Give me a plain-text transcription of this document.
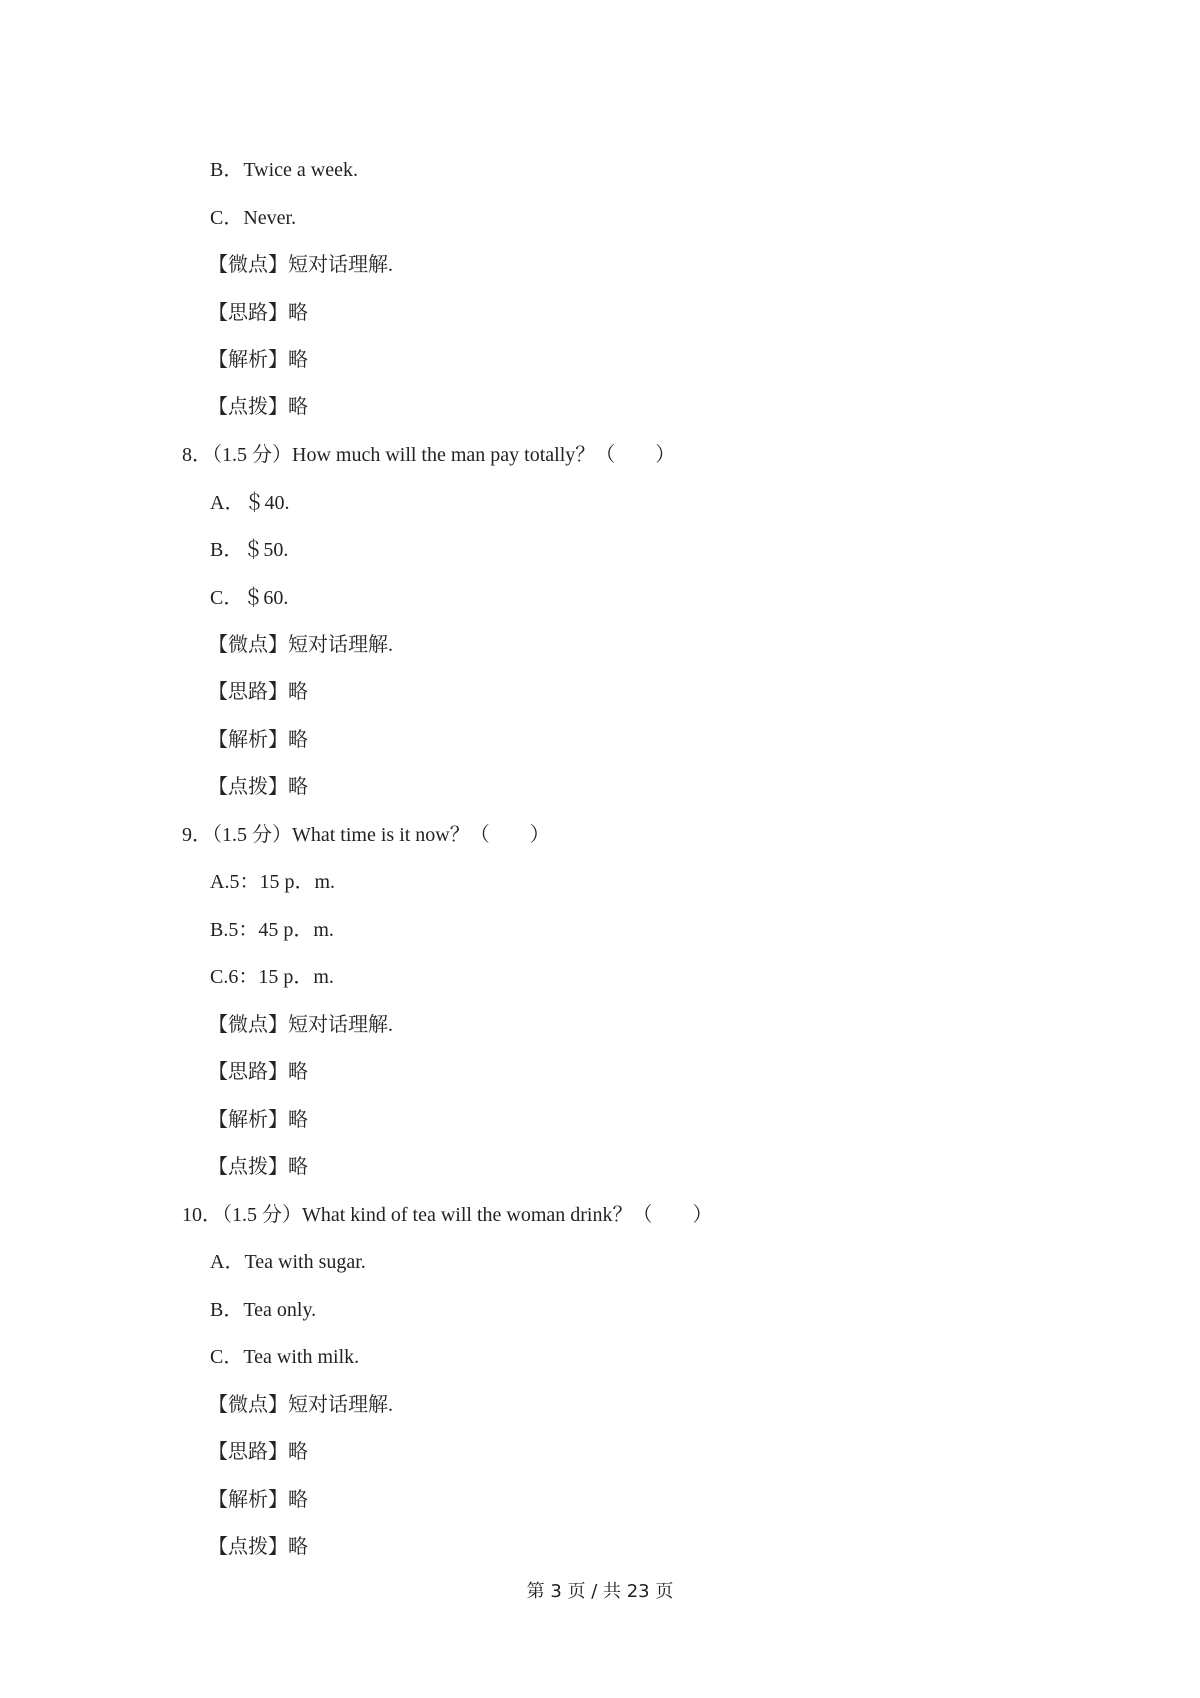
B．Twice a week.
C．Never.
【微点】短对话理解.
【思路】略
【解析】略
【点拨】略
8．（1.5 分）How much will the man pay totally？（　　）
A．＄40.
B．＄50.
C．＄60.
【微点】短对话理解.
【思路】略
【解析】略
【点拨】略
9．（1.5 分）What time is it now？（　　）
A.5：15 p．m.
B.5：45 p．m.
C.6：15 p．m.
【微点】短对话理解.
【思路】略
【解析】略
【点拨】略
10．（1.5 分）What kind of tea will the woman drink？（　　）
A．Tea with sugar.
B．Tea only.
C．Tea with milk.
【微点】短对话理解.
【思路】略
【解析】略
【点拨】略
第 3 页 / 共 23 页
